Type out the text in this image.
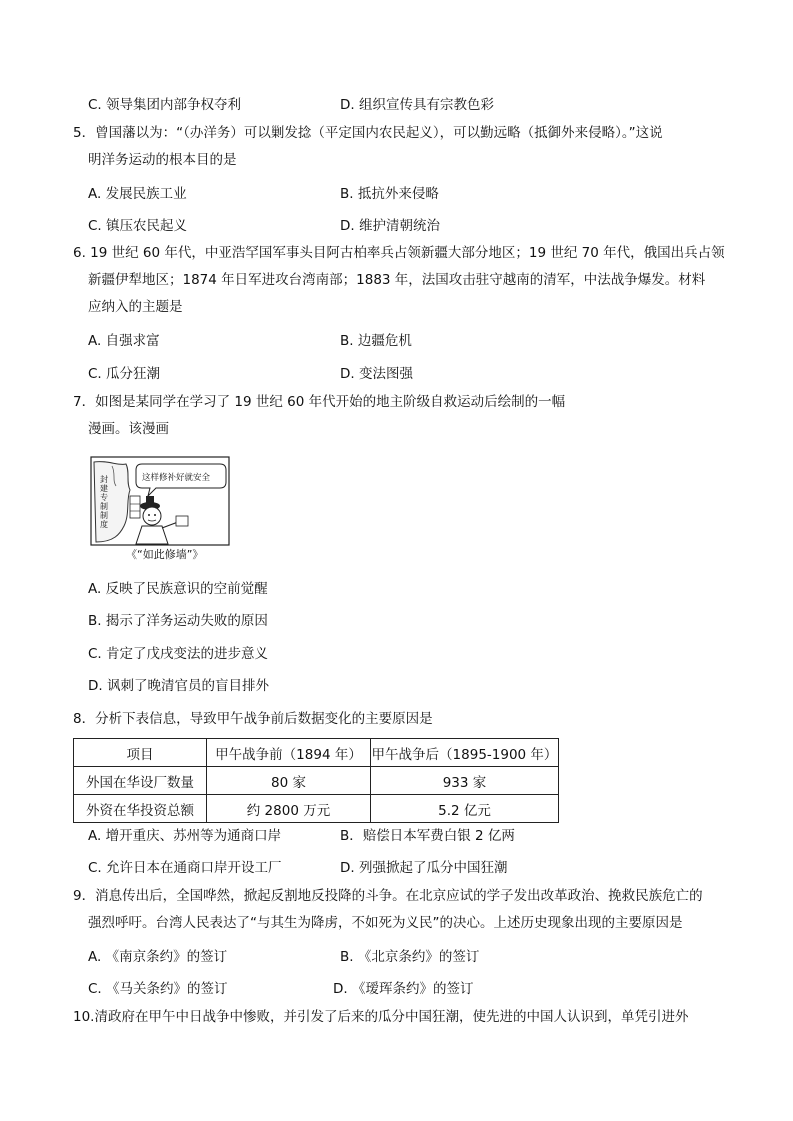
C. 领导集团内部争权夺利	D. 组织宣传具有宗教色彩
5．曾国藩以为：“（办洋务）可以剿发捻（平定国内农民起义），可以勤远略（抵御外来侵略）。”这说
明洋务运动的根本目的是
A. 发展民族工业	B. 抵抗外来侵略
C. 镇压农民起义	D. 维护清朝统治
6. 19 世纪 60 年代，中亚浩罕国军事头目阿古柏率兵占领新疆大部分地区；19 世纪 70 年代，俄国出兵占领
新疆伊犁地区；1874 年日军进攻台湾南部；1883 年，法国攻击驻守越南的清军，中法战争爆发。材料
应纳入的主题是
A. 自强求富	B. 边疆危机
C. 瓜分狂潮	D. 变法图强
7．如图是某同学在学习了 19 世纪 60 年代开始的地主阶级自救运动后绘制的一幅
漫画。该漫画
封建专制制度
这样修补好就安全
《“如此修墙”》
A. 反映了民族意识的空前觉醒
B. 揭示了洋务运动失败的原因
C. 肯定了戊戌变法的进步意义
D. 讽刺了晚清官员的盲目排外
8．分析下表信息，导致甲午战争前后数据变化的主要原因是
项目	甲午战争前（1894 年）	甲午战争后（1895-1900 年）
外国在华设厂数量	80 家	933 家
外资在华投资总额	约 2800 万元	5.2 亿元
A. 增开重庆、苏州等为通商口岸	B．赔偿日本军费白银 2 亿两
C. 允许日本在通商口岸开设工厂	D. 列强掀起了瓜分中国狂潮
9．消息传出后，全国哗然，掀起反割地反投降的斗争。在北京应试的学子发出改革政治、挽救民族危亡的
强烈呼吁。台湾人民表达了“与其生为降虏，不如死为义民”的决心。上述历史现象出现的主要原因是
A. 《南京条约》的签订	B. 《北京条约》的签订
C. 《马关条约》的签订	D. 《瑷珲条约》的签订
10.清政府在甲午中日战争中惨败，并引发了后来的瓜分中国狂潮，使先进的中国人认识到，单凭引进外
